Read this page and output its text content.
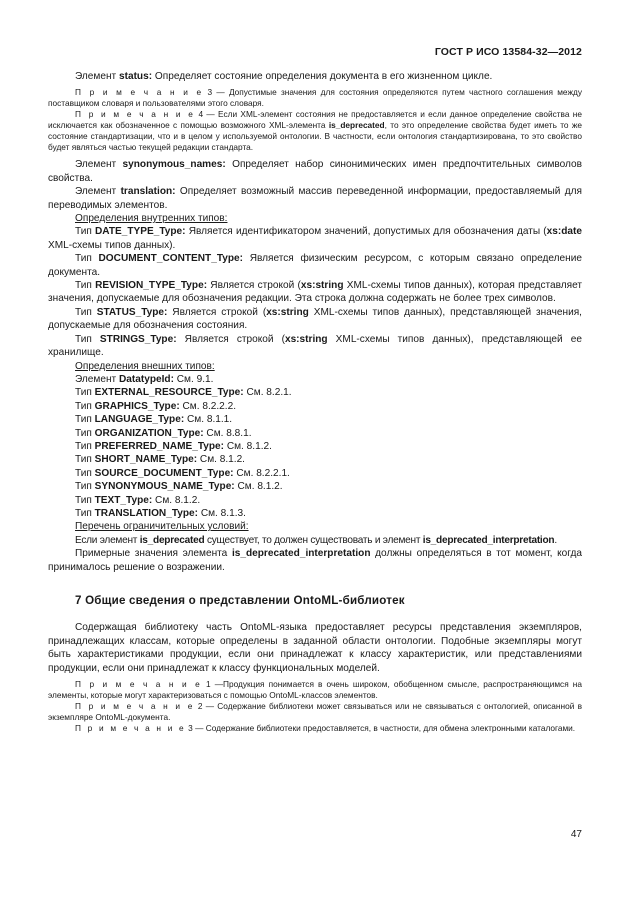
ГОСТ Р ИСО 13584-32—2012

Элемент status: Определяет состояние определения документа в его жизненном цикле.

П р и м е ч а н и е 3 — Допустимые значения для состояния определяются путем частного соглашения между поставщиком словаря и пользователями этого словаря.

П р и м е ч а н и е 4 — Если XML-элемент состояния не предоставляется и если данное определение свойства не исключается как обозначенное с помощью возможного XML-элемента is_deprecated, то это определение свойства будет иметь то же состояние стандартизации, что и в целом у используемой онтологии. В частности, если онтология стандартизирована, то это свойство будет являться частью текущей редакции стандарта.

Элемент synonymous_names: Определяет набор синонимических имен предпочтительных символов свойства.

Элемент translation: Определяет возможный массив переведенной информации, предоставляемый для переводимых элементов.

Определения внутренних типов:

Тип DATE_TYPE_Type: Является идентификатором значений, допустимых для обозначения даты (xs:date XML-схемы типов данных).

Тип DOCUMENT_CONTENT_Type: Является физическим ресурсом, с которым связано определение документа.

Тип REVISION_TYPE_Type: Является строкой (xs:string XML-схемы типов данных), которая представляет значения, допускаемые для обозначения редакции. Эта строка должна содержать не более трех символов.

Тип STATUS_Type: Является строкой (xs:string XML-схемы типов данных), представляющей значения, допускаемые для обозначения состояния.

Тип STRINGS_Type: Является строкой (xs:string XML-схемы типов данных), представляющей ее хранилище.

Определения внешних типов:

Элемент DatatypeId: См. 9.1.

Тип EXTERNAL_RESOURCE_Type: См. 8.2.1.

Тип GRAPHICS_Type: См. 8.2.2.2.

Тип LANGUAGE_Type: См. 8.1.1.

Тип ORGANIZATION_Type: См. 8.8.1.

Тип PREFERRED_NAME_Type: См. 8.1.2.

Тип SHORT_NAME_Type: См. 8.1.2.

Тип SOURCE_DOCUMENT_Type: См. 8.2.2.1.

Тип SYNONYMOUS_NAME_Type: См. 8.1.2.

Тип TEXT_Type: См. 8.1.2.

Тип TRANSLATION_Type: См. 8.1.3.

Перечень ограничительных условий:

Если элемент is_deprecated существует, то должен существовать и элемент is_deprecated_interpretation.

Примерные значения элемента is_deprecated_interpretation должны определяться в тот момент, когда принималось решение о возражении.

7 Общие сведения о представлении OntoML-библиотек

Содержащая библиотеку часть OntoML-языка предоставляет ресурсы представления экземпляров, принадлежащих классам, которые определены в заданной области онтологии. Подобные экземпляры могут быть характеристиками продукции, если они принадлежат к классу характеристик, или представлениями продукции, если они принадлежат к классу функциональных моделей.

П р и м е ч а н и е 1 —Продукция понимается в очень широком, обобщенном смысле, распространяющимся на элементы, которые могут характеризоваться с помощью OntoML-классов элементов.

П р и м е ч а н и е 2 — Содержание библиотеки может связываться или не связываться с онтологией, описанной в экземпляре OntoML-документа.

П р и м е ч а н и е 3 — Содержание библиотеки предоставляется, в частности, для обмена электронными каталогами.

47
